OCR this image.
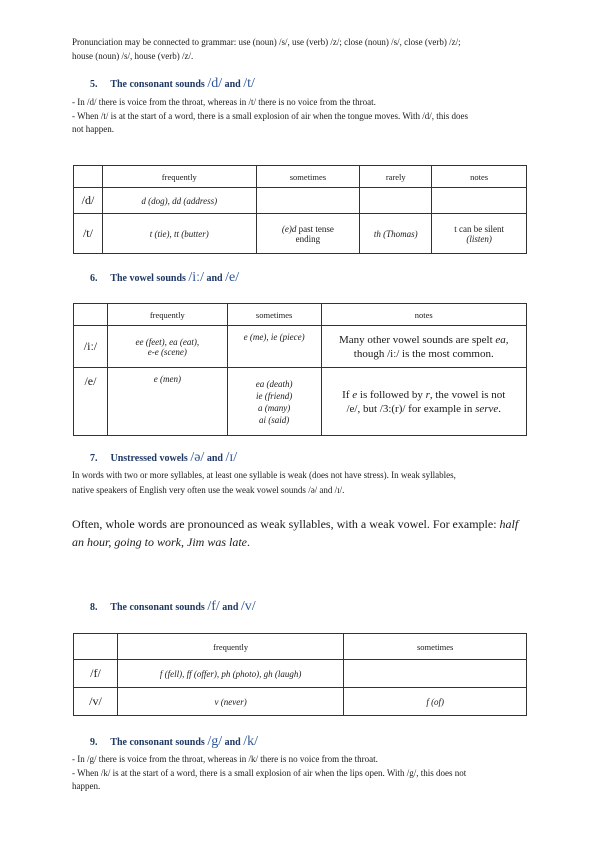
Pronunciation may be connected to grammar: use (noun) /s/, use (verb) /z/; close (noun) /s/, close (verb) /z/;
house (noun) /s/, house (verb) /z/.
5. The consonant sounds /d/ and /t/
- In /d/ there is voice from the throat, whereas in /t/ there is no voice from the throat.
- When /t/ is at the start of a word, there is a small explosion of air when the tongue moves. With /d/, this does
not happen.
	frequently	sometimes	rarely	notes
/d/	d (dog), dd (address)			
/t/	t (tie), tt (butter)	(e)d past tense
ending	th (Thomas)	t can be silent
(listen)
6. The vowel sounds /iː/ and /e/
	frequently	sometimes	notes
/iː/	ee (feet), ea (eat),
e-e (scene)	e (me), ie (piece)	Many other vowel sounds are spelt ea,
though /iː/ is the most common.
/e/	e (men)	ea (death)
ie (friend)
a (many)
ai (said)	If e is followed by r, the vowel is not
/e/, but /3:(r)/ for example in serve.
7. Unstressed vowels /ə/ and /ɪ/
In words with two or more syllables, at least one syllable is weak (does not have stress). In weak syllables,
native speakers of English very often use the weak vowel sounds /ə/ and /ɪ/.
Often, whole words are pronounced as weak syllables, with a weak vowel. For example: half
an hour, going to work, Jim was late.
8. The consonant sounds /f/ and /v/
	frequently	sometimes
/f/	f (fell), ff (offer), ph (photo), gh (laugh)	
/v/	v (never)	f (of)
9. The consonant sounds /g/ and /k/
- In /g/ there is voice from the throat, whereas in /k/ there is no voice from the throat.
- When /k/ is at the start of a word, there is a small explosion of air when the lips open. With /g/, this does not
happen.
